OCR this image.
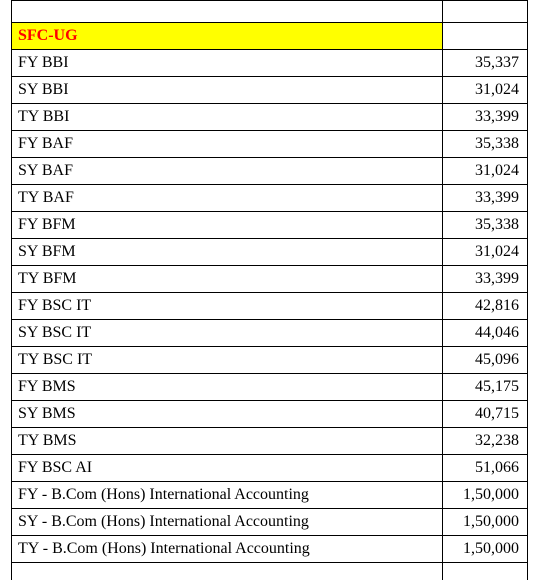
SFC-UG	
FY BBI	35,337
SY BBI	31,024
TY BBI	33,399
FY BAF	35,338
SY BAF	31,024
TY BAF	33,399
FY BFM	35,338
SY BFM	31,024
TY BFM	33,399
FY BSC IT	42,816
SY BSC IT	44,046
TY BSC IT	45,096
FY BMS	45,175
SY BMS	40,715
TY BMS	32,238
FY BSC AI	51,066
FY - B.Com (Hons) International Accounting	1,50,000
SY - B.Com (Hons) International Accounting	1,50,000
TY - B.Com (Hons) International Accounting	1,50,000
